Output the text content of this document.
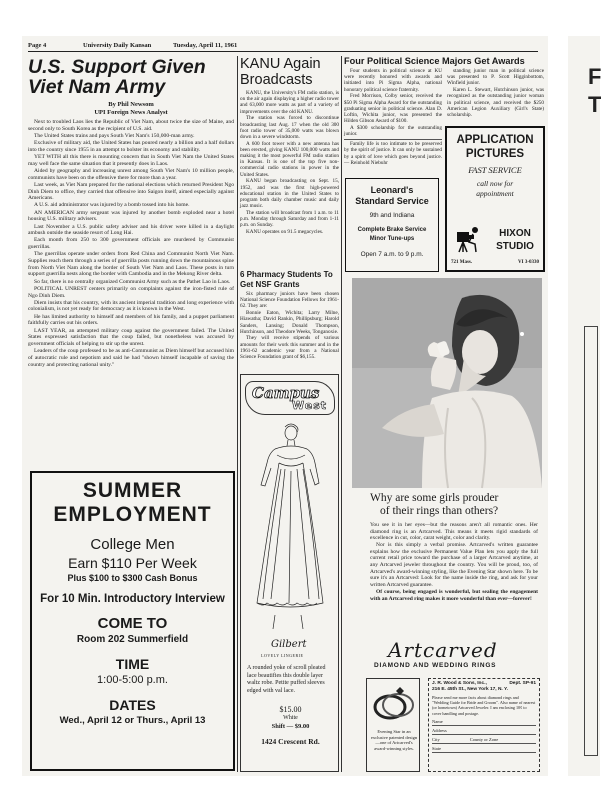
F
T
Page 4	University Daily Kansan	Tuesday, April 11, 1961
U.S. Support Given Viet Nam Army
By Phil Newsom
UPI Foreign News Analyst

Next to troubled Laos lies the Republic of Viet Nam, about twice the size of Maine, and second only to South Korea as the recipient of U.S. aid.

The United States trains and pays South Viet Nam's 150,000-man army.

Exclusive of military aid, the United States has poured nearly a billion and a half dollars into the country since 1955 in an attempt to bolster its economy and stability.

YET WITH all this there is mounting concern that in South Viet Nam the United States may well face the same situation that it presently does in Laos.

Aided by geography and increasing unrest among South Viet Nam's 10 million people, communists have been on the offensive there for more than a year.

Last week, as Viet Nam prepared for the national elections which returned President Ngo Dinh Diem to office, they carried that offensive into Saigon itself, aimed especially against Americans.

A U.S. aid administrator was injured by a bomb tossed into his home.

AN AMERICAN army sergeant was injured by another bomb exploded near a hotel housing U.S. military advisers.

Last November a U.S. public safety adviser and his driver were killed in a daylight ambush outside the seaside resort of Long Hai.

Each month from 250 to 300 government officials are murdered by Communist guerrillas.

The guerrillas operate under orders from Red China and Communist North Viet Nam. Supplies reach them through a series of guerrilla posts running down the mountainous spine from North Viet Nam along the border of South Viet Nam and Laos. These posts in turn support guerrilla nests along the border with Cambodia and in the Mekong River delta.

So far, there is no centrally organized Communist Army such as the Pathet Lao in Laos.

POLITICAL UNREST centers primarily on complaints against the iron-fisted rule of Ngo Dinh Diem.

Diem insists that his country, with its ancient imperial tradition and long experience with colonialism, is not yet ready for democracy as it is known in the West.

He has limited authority to himself and members of his family, and a puppet parliament faithfully carries out his orders.

LAST YEAR, an attempted military coup against the government failed. The United States expressed satisfaction that the coup failed, but nonetheless was accused by government officials of helping to stir up the unrest.

Leaders of the coup professed to be as anti-Communist as Diem himself but accused him of autocratic rule and nepotism and said he had "shown himself incapable of saving the country and protecting national unity."

SUMMER
EMPLOYMENT
College Men
Earn $110 Per Week
Plus $100 to $300 Cash Bonus
For 10 Min. Introductory Interview
COME TO
Room 202 Summerfield
TIME
1:00-5:00 p.m.
DATES
Wed., April 12 or Thurs., April 13
KANU Again Broadcasts

KANU, the University's FM radio station, is on the air again displaying a higher radio tower and 63,000 more watts as part of a variety of improvements over the old KANU.

The station was forced to discontinue broadcasting last Aug. 17 when the old 300 foot radio tower of 35,000 watts was blown down in a severe windstorm.

A 600 foot tower with a new antenna has been erected, giving KANU 100,000 watts and making it the most powerful FM radio station in Kansas. It is one of the top five non-commercial radio stations in power in the United States.

KANU began broadcasting on Sept. 15, 1952, and was the first high-powered educational station in the United States to program both daily chamber music and daily jazz music.

The station will broadcast from 1 a.m. to 11 p.m. Monday through Saturday and from 1-11 p.m. on Sunday.

KANU operates on 91.5 megacycles.

6 Pharmacy Students To Get NSF Grants

Six pharmacy juniors have been chosen National Science Foundation Fellows for 1961-62. They are:

Bonnie Eaton, Wichita; Larry Milne, Hiawatha; David Rankin, Phillipsburg; Harold Sanders, Lansing; Donald Thompson, Hutchinson, and Theodore Weeks, Tonganoxie.

They will receive stipends of various amounts for their work this summer and in the 1961-62 academic year from a National Science Foundation grant of $6,155.

Campus
West
Gilbert
LOVELY LINGERIE
A rounded yoke of scroll pleated lace beautifies this double layer waltz robe. Petite puffed sleeves edged with val lace.
$15.00
White
Shift — $9.00
1424 Crescent Rd.
Four Political Science Majors Get Awards

Four students in political science at KU were recently honored with awards and initiated into Pi Sigma Alpha, national honorary political science fraternity.

Fred Morrison, Colby senior, received the $50 Pi Sigma Alpha Award for the outstanding graduating senior in political science. Alan D. Loftin, Wichita junior, was presented the Hilden Gibson Award of $100.

A $300 scholarship for the outstanding junior.

Family life is too intimate to be preserved by the spirit of justice. It can only be sustained by a spirit of love which goes beyond justice. — Reinhold Niebuhr

standing junior man in political science was presented to P. Scott Higginbottom, Winfield junior.

Karen L. Stewart, Hutchinson junior, was recognized as the outstanding junior woman in political science, and received the $250 American Legion Auxiliary (Girl's State) scholarship.

Leonard's Standard Service
9th and Indiana
Complete Brake Service
Minor Tune-ups
Open 7 a.m. to 9 p.m.
APPLICATION
PICTURES
FAST SERVICE
call now for
appointment
HIXON
STUDIO
721 Mass.	VI 3-0330
Why are some girls prouder
of their rings than others?

You see it in her eyes—but the reasons aren't all romantic ones. Her diamond ring is an Artcarved. This means it meets rigid standards of excellence in cut, color, carat weight, color and clarity.

Nor is this simply a verbal promise. Artcarved's written guarantee explains how the exclusive Permanent Value Plan lets you apply the full current retail price toward the purchase of a larger Artcarved anytime, at any Artcarved jeweler throughout the country. You will be proud, too, of Artcarved's award-winning styling, like the Evening Star shown here. To be sure it's an Artcarved: Look for the name inside the ring, and ask for your written Artcarved guarantee.

Of course, being engaged is wonderful, but sealing the engagement with an Artcarved ring makes it more wonderful than ever—forever!

Artcarved
DIAMOND AND WEDDING RINGS
Evening Star in an exclusive patented design —one of Artcarved's award-winning styles.
J. R. Wood & Sons, Inc.,	Dept. SP-91
216 E. 45th St., New York 17, N. Y.
Please send me more facts about diamond rings and "Wedding Guide for Bride and Groom". Also name of nearest (or hometown) Artcarved Jeweler. I am enclosing 10¢ to cover handling and postage.
Name
Address
City	County or Zone
State
